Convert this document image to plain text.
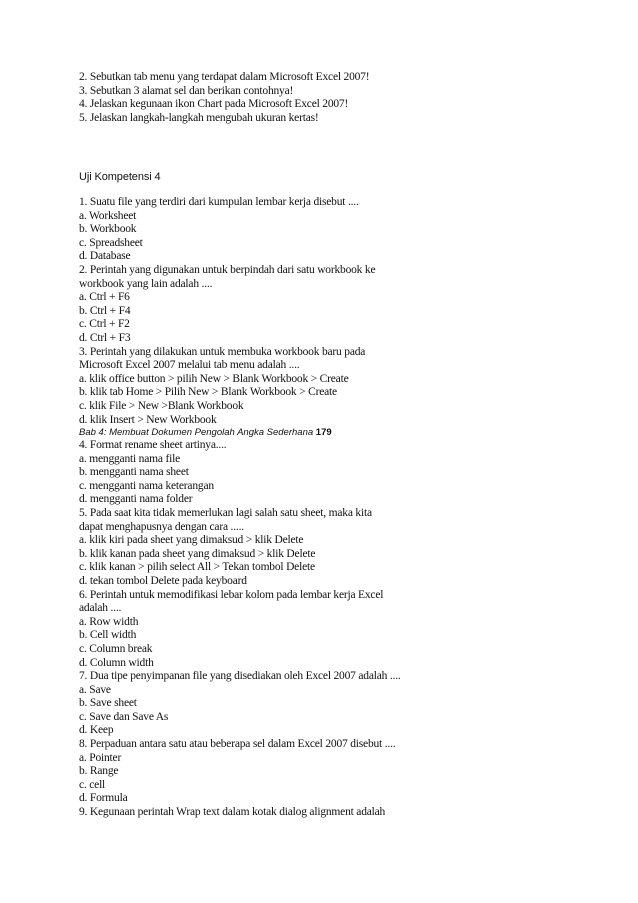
2. Sebutkan tab menu yang terdapat dalam Microsoft Excel 2007!
3. Sebutkan 3 alamat sel dan berikan contohnya!
4. Jelaskan kegunaan ikon Chart pada Microsoft Excel 2007!
5. Jelaskan langkah-langkah mengubah ukuran kertas!
Uji Kompetensi 4
1. Suatu file yang terdiri dari kumpulan lembar kerja disebut ....
a. Worksheet
b. Workbook
c. Spreadsheet
d. Database
2. Perintah yang digunakan untuk berpindah dari satu workbook ke
workbook yang lain adalah ....
a. Ctrl + F6
b. Ctrl + F4
c. Ctrl + F2
d. Ctrl + F3
3. Perintah yang dilakukan untuk membuka workbook baru pada
Microsoft Excel 2007 melalui tab menu adalah ....
a. klik office button > pilih New > Blank Workbook > Create
b. klik tab Home > Pilih New > Blank Workbook > Create
c. klik File > New >Blank Workbook
d. klik Insert > New Workbook
Bab 4: Membuat Dokumen Pengolah Angka Sederhana 179
4. Format rename sheet artinya....
a. mengganti nama file
b. mengganti nama sheet
c. mengganti nama keterangan
d. mengganti nama folder
5. Pada saat kita tidak memerlukan lagi salah satu sheet, maka kita
dapat menghapusnya dengan cara .....
a. klik kiri pada sheet yang dimaksud > klik Delete
b. klik kanan pada sheet yang dimaksud > klik Delete
c. klik kanan > pilih select All > Tekan tombol Delete
d. tekan tombol Delete pada keyboard
6. Perintah untuk memodifikasi lebar kolom pada lembar kerja Excel
adalah ....
a. Row width
b. Cell width
c. Column break
d. Column width
7. Dua tipe penyimpanan file yang disediakan oleh Excel 2007 adalah ....
a. Save
b. Save sheet
c. Save dan Save As
d. Keep
8. Perpaduan antara satu atau beberapa sel dalam Excel 2007 disebut ....
a. Pointer
b. Range
c. cell
d. Formula
9. Kegunaan perintah Wrap text dalam kotak dialog alignment adalah
